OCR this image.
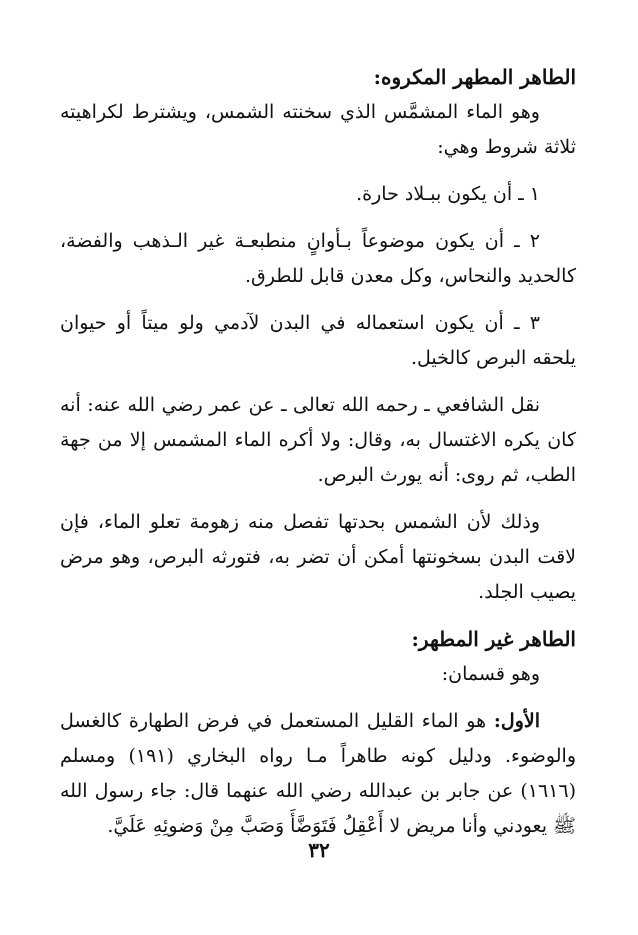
الطاهر المطهر المكروه:

وهو الماء المشمَّس الذي سخنته الشمس، ويشترط لكراهيته ثلاثة شروط وهي:

١ ـ أن يكون ببـلاد حارة.

٢ ـ أن يكون موضوعاً بـأوانٍ منطبعـة غير الـذهب والفضة، كالحديد والنحاس، وكل معدن قابل للطرق.

٣ ـ أن يكون استعماله في البدن لآدمي ولو ميتاً أو حيوان يلحقه البرص كالخيل.

نقل الشافعي ـ رحمه الله تعالى ـ عن عمر رضي الله عنه: أنه كان يكره الاغتسال به، وقال: ولا أكره الماء المشمس إلا من جهة الطب، ثم روى: أنه يورث البرص.

وذلك لأن الشمس بحدتها تفصل منه زهومة تعلو الماء، فإن لاقت البدن بسخونتها أمكن أن تضر به، فتورثه البرص، وهو مرض يصيب الجلد.

الطاهر غير المطهر:

وهو قسمان:

الأول: هو الماء القليل المستعمل في فرض الطهارة كالغسل والوضوء. ودليل كونه طاهراً مـا رواه البخاري (١٩١) ومسلم (١٦١٦) عن جابر بن عبدالله رضي الله عنهما قال: جاء رسول الله ﷺ يعودني وأنا مريض لا أَعْقِلُ فَتَوَضَّأَ وَصَبَّ مِنْ وَضوئِهِ عَلَيَّ.

٣٢
